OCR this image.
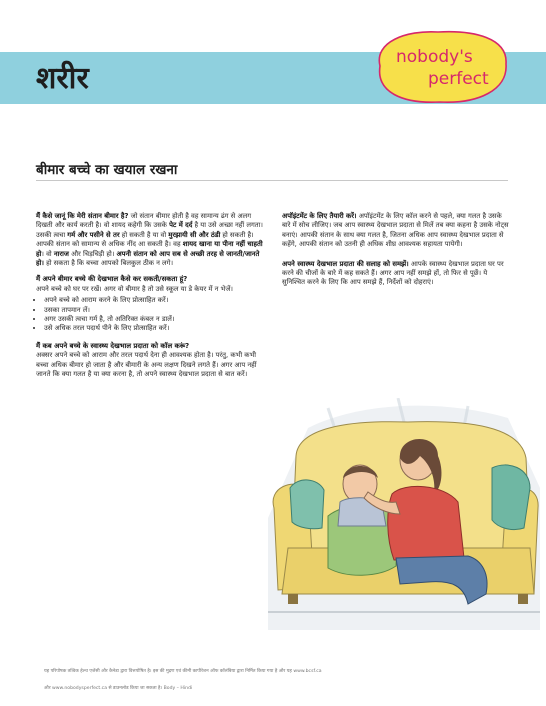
शरीर
nobody's
perfect
बीमार बच्चे का खयाल रखना

मैं कैसे जानूं कि मेरी संतान बीमार है? जो संतान बीमार होती है वह सामान्य ढंग से अलग दिखती और कार्य करती है। वो शायद कहेगी कि उसके पेट में दर्द है या उसे अच्छा नहीं लगता। उसकी त्वचा गर्म और पसीने से तर हो सकती है या वो मुरझायी सी और ठंडी हो सकती है। आपकी संतान को सामान्य से अधिक नींद आ सकती है। वह शायद खाना या पीना नहीं चाहती हो। वो नाराज और चिड़चिड़ी हो। अपनी संतान को आप सब से अच्छी तरह से जानती/जानते हो। हो सकता है कि बच्चा आपको बिलकुल ठीक न लगे।

मैं अपने बीमार बच्चे की देखभाल कैसे कर सकती/सकता हूं?

अपने बच्चे को घर पर रखें। अगर वो बीमार है तो उसे स्कूल या डे केयर में न भेजें।

• अपने बच्चे को आराम करने के लिए प्रोत्साहित करें।
• उसका तापमान लें।
• अगर उसकी त्वचा गर्म है, तो अतिरिक्त कंबल न डालें।
• उसे अधिक तरल पदार्थ पीने के लिए प्रोत्साहित करें।
मैं कब अपने बच्चे के स्वास्थ्य देखभाल प्रदाता को कॉल करूं?

अक्सर अपने बच्चे को आराम और तरल पदार्थ देना ही आवश्यक होता है। परंतु, कभी कभी बच्चा अधिक बीमार हो जाता है और बीमारी के अन्य लक्षण दिखने लगते हैं। अगर आप नहीं जानते कि क्या गलत है या क्या करना है, तो अपने स्वास्थ्य देखभाल प्रदाता से बात करें।

अपॉइंटमेंट के लिए तैयारी करें। अपॉइंटमेंट के लिए कॉल करने से पहले, क्या गलत है उसके बारे में सोच लीजिए। जब आप स्वास्थ्य देखभाल प्रदाता से मिलें तब क्या कहना है उसके नोट्स बनाएं। आपकी संतान के साथ क्या गलत है, जितना अधिक आप स्वास्थ्य देखभाल प्रदाता से कहेंगे, आपकी संतान को उतनी ही अधिक शीघ्र आवश्यक सहायता पायेगी।

अपने स्वास्थ्य देखभाल प्रदाता की सलाह को समझें। आपके स्वास्थ्य देखभाल प्रदाता घर पर करने की चीजों के बारे में कह सकते हैं। अगर आप नहीं समझे हों, तो फिर से पूछें। ये सुनिश्चित करने के लिए कि आप समझे हैं, निर्देशों को दोहराएं।

यह परिपोषक तत्विक हेल्थ एजेंसी और कैनेडा द्वारा वित्तपोषित है। इस की मुद्रण एवं कीमी कापीरेशन ऑफ कॉलंबिया द्वारा निर्मित किया गया है और यह www.bcsf.ca
और www.nobodysperfect.ca से डाउनलोड किया जा सकता है। Body – Hindi
